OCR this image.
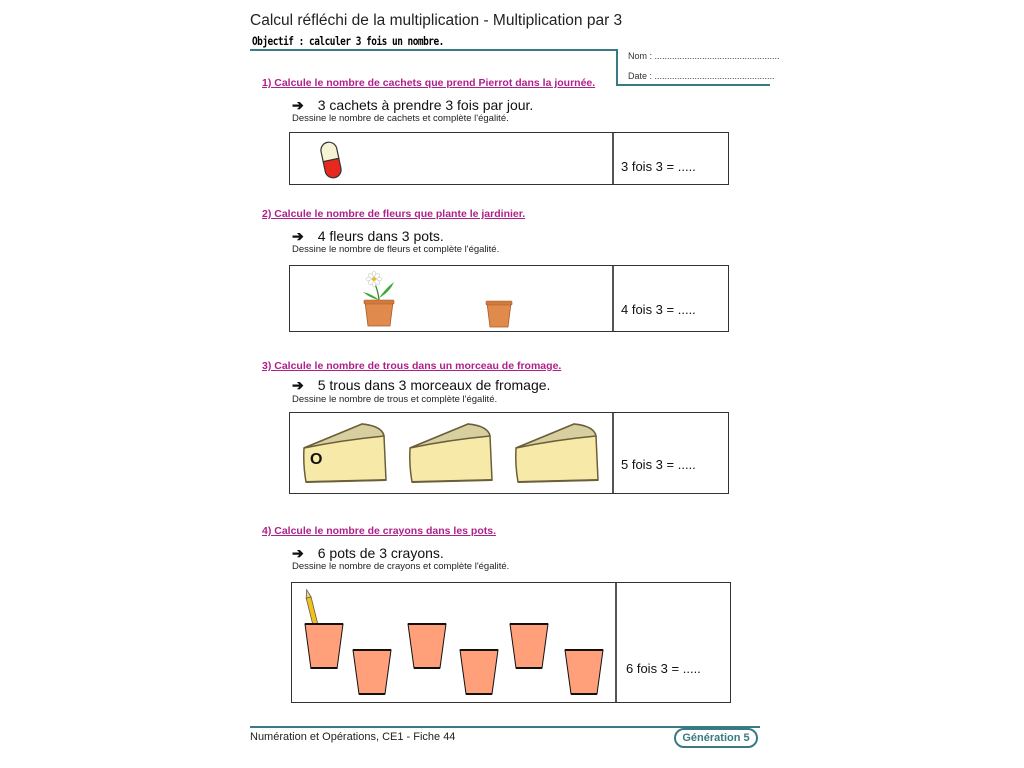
Calcul réfléchi de la multiplication - Multiplication par 3
Objectif : calculer 3 fois un nombre.
Nom : ..................................................
Date : ................................................
1) Calcule le nombre de cachets que prend Pierrot dans la journée.
➔ 3 cachets à prendre 3 fois par jour.
Dessine le nombre de cachets et complète l'égalité.
3 fois 3 = .....
2) Calcule le nombre de fleurs que plante le jardinier.
➔ 4 fleurs dans 3 pots.
Dessine le nombre de fleurs et complète l'égalité.
4 fois 3 = .....
3) Calcule le nombre de trous dans un morceau de fromage.
➔ 5 trous dans 3 morceaux de fromage.
Dessine le nombre de trous et complète l'égalité.
O	5 fois 3 = .....
4) Calcule le nombre de crayons dans les pots.
➔ 6 pots de 3 crayons.
Dessine le nombre de crayons et complète l'égalité.
6 fois 3 = .....
Numération et Opérations, CE1 - Fiche 44	Génération 5
